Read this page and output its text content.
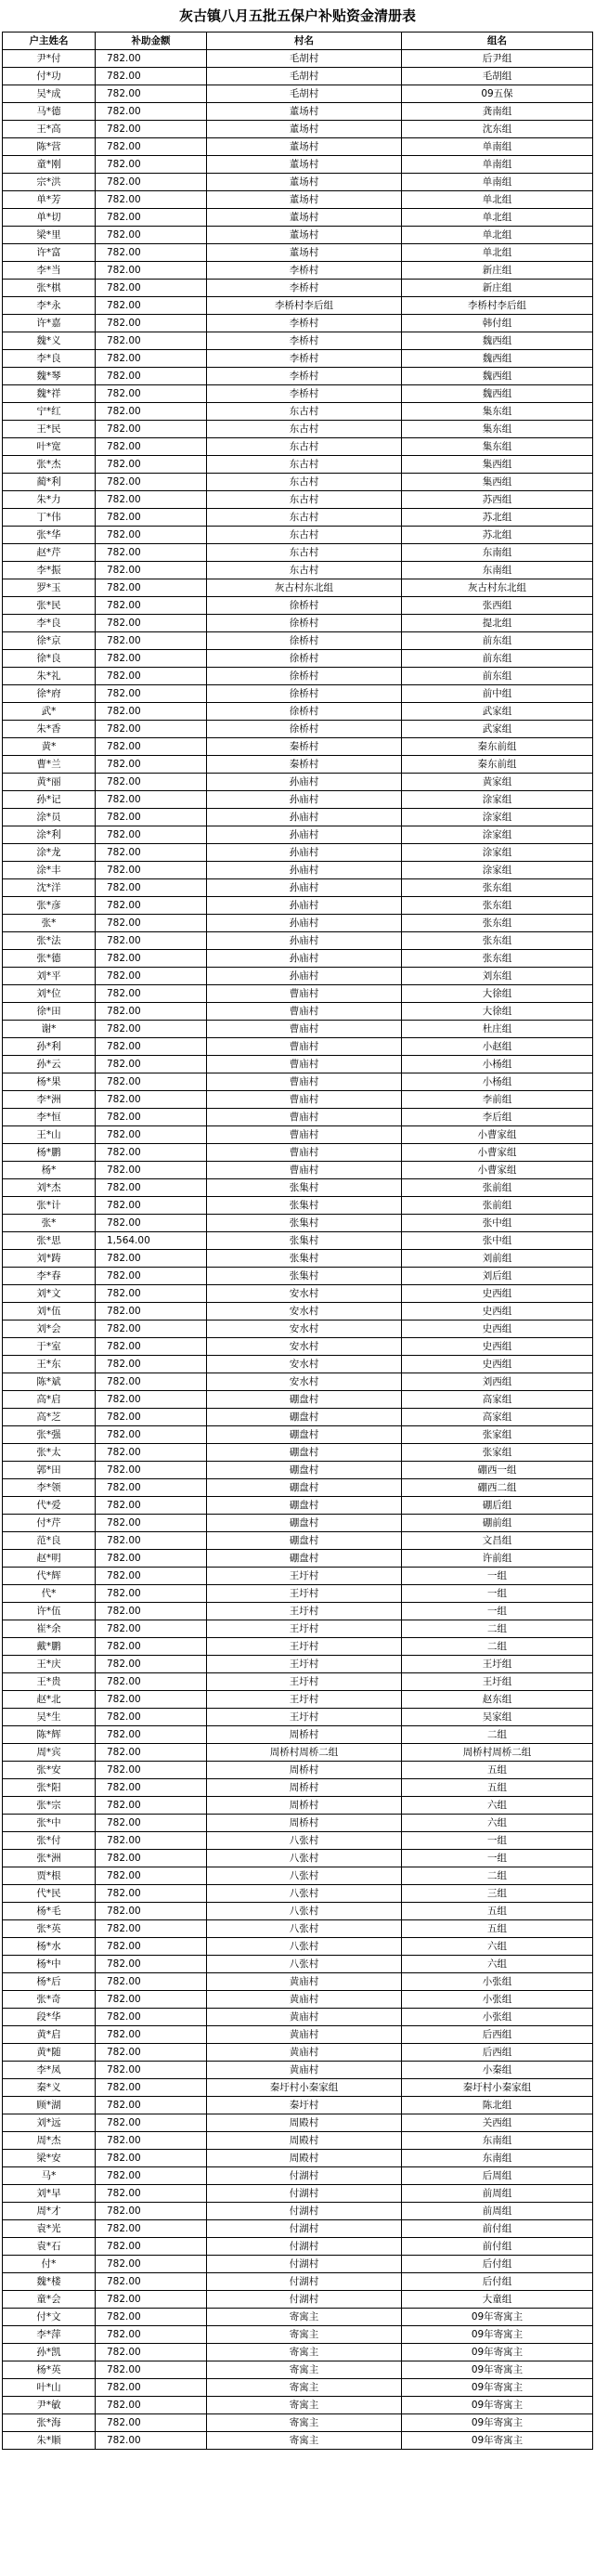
灰古镇八月五批五保户补贴资金清册表
户主姓名	补助金额	村名	组名
尹*付	782.00	毛胡村	后尹组
付*功	782.00	毛胡村	毛胡组
吴*成	782.00	毛胡村	09五保
马*德	782.00	董场村	龚南组
王*高	782.00	董场村	沈东组
陈*营	782.00	董场村	单南组
童*刚	782.00	董场村	单南组
宗*洪	782.00	董场村	单南组
单*芳	782.00	董场村	单北组
单*切	782.00	董场村	单北组
梁*里	782.00	董场村	单北组
许*富	782.00	董场村	单北组
李*当	782.00	李桥村	新庄组
张*棋	782.00	李桥村	新庄组
李*永	782.00	李桥村李后组	李桥村李后组
许*嘉	782.00	李桥村	韩付组
魏*义	782.00	李桥村	魏西组
李*良	782.00	李桥村	魏西组
魏*琴	782.00	李桥村	魏西组
魏*祥	782.00	李桥村	魏西组
宁*红	782.00	东古村	集东组
王*民	782.00	东古村	集东组
叶*宽	782.00	东古村	集东组
张*杰	782.00	东古村	集西组
蔺*利	782.00	东古村	集西组
朱*力	782.00	东古村	苏西组
丁*伟	782.00	东古村	苏北组
张*华	782.00	东古村	苏北组
赵*芹	782.00	东古村	东南组
李*振	782.00	东古村	东南组
罗*玉	782.00	灰古村东北组	灰古村东北组
张*民	782.00	徐桥村	张西组
李*良	782.00	徐桥村	提北组
徐*京	782.00	徐桥村	前东组
徐*良	782.00	徐桥村	前东组
朱*礼	782.00	徐桥村	前东组
徐*府	782.00	徐桥村	前中组
武*	782.00	徐桥村	武家组
朱*香	782.00	徐桥村	武家组
黄*	782.00	秦桥村	秦东前组
曹*兰	782.00	秦桥村	秦东前组
黄*丽	782.00	孙庙村	黄家组
孙*记	782.00	孙庙村	涂家组
涂*员	782.00	孙庙村	涂家组
涂*利	782.00	孙庙村	涂家组
涂*龙	782.00	孙庙村	涂家组
涂*丰	782.00	孙庙村	涂家组
沈*洋	782.00	孙庙村	张东组
张*彦	782.00	孙庙村	张东组
张*	782.00	孙庙村	张东组
张*法	782.00	孙庙村	张东组
张*德	782.00	孙庙村	张东组
刘*平	782.00	孙庙村	刘东组
刘*位	782.00	曹庙村	大徐组
徐*田	782.00	曹庙村	大徐组
谢*	782.00	曹庙村	杜庄组
孙*利	782.00	曹庙村	小赵组
孙*云	782.00	曹庙村	小杨组
杨*果	782.00	曹庙村	小杨组
李*洲	782.00	曹庙村	李前组
李*恒	782.00	曹庙村	李后组
王*山	782.00	曹庙村	小曹家组
杨*鹏	782.00	曹庙村	小曹家组
杨*	782.00	曹庙村	小曹家组
刘*杰	782.00	张集村	张前组
张*计	782.00	张集村	张前组
张*	782.00	张集村	张中组
张*思	1,564.00	张集村	张中组
刘*踌	782.00	张集村	刘前组
李*春	782.00	张集村	刘后组
刘*文	782.00	安水村	史西组
刘*伍	782.00	安水村	史西组
刘*会	782.00	安水村	史西组
于*室	782.00	安水村	史西组
王*东	782.00	安水村	史西组
陈*斌	782.00	安水村	刘西组
高*启	782.00	硼盘村	高家组
高*芝	782.00	硼盘村	高家组
张*强	782.00	硼盘村	张家组
张*太	782.00	硼盘村	张家组
郭*田	782.00	硼盘村	硼西一组
李*领	782.00	硼盘村	硼西二组
代*爱	782.00	硼盘村	硼后组
付*芹	782.00	硼盘村	硼前组
范*良	782.00	硼盘村	文昌组
赵*明	782.00	硼盘村	许前组
代*辉	782.00	王圩村	一组
代*	782.00	王圩村	一组
许*伍	782.00	王圩村	一组
崔*余	782.00	王圩村	二组
戴*鹏	782.00	王圩村	二组
王*庆	782.00	王圩村	王圩组
王*贵	782.00	王圩村	王圩组
赵*北	782.00	王圩村	赵东组
吴*生	782.00	王圩村	吴家组
陈*辉	782.00	周桥村	二组
周*宾	782.00	周桥村周桥二组	周桥村周桥二组
张*安	782.00	周桥村	五组
张*阳	782.00	周桥村	五组
张*宗	782.00	周桥村	六组
张*中	782.00	周桥村	六组
张*付	782.00	八张村	一组
张*洲	782.00	八张村	一组
贾*根	782.00	八张村	二组
代*民	782.00	八张村	三组
杨*毛	782.00	八张村	五组
张*英	782.00	八张村	五组
杨*水	782.00	八张村	六组
杨*中	782.00	八张村	六组
杨*后	782.00	黄庙村	小张组
张*奇	782.00	黄庙村	小张组
段*华	782.00	黄庙村	小张组
黄*启	782.00	黄庙村	后西组
黄*随	782.00	黄庙村	后西组
李*凤	782.00	黄庙村	小秦组
秦*义	782.00	秦圩村小秦家组	秦圩村小秦家组
顾*湖	782.00	秦圩村	陈北组
刘*远	782.00	周殿村	关西组
周*杰	782.00	周殿村	东南组
梁*安	782.00	周殿村	东南组
马*	782.00	付湖村	后周组
刘*早	782.00	付湖村	前周组
周*才	782.00	付湖村	前周组
袁*光	782.00	付湖村	前付组
袁*石	782.00	付湖村	前付组
付*	782.00	付湖村	后付组
魏*楼	782.00	付湖村	后付组
童*会	782.00	付湖村	大童组
付*文	782.00	寄寓主	09年寄寓主
李*萍	782.00	寄寓主	09年寄寓主
孙*凯	782.00	寄寓主	09年寄寓主
杨*英	782.00	寄寓主	09年寄寓主
叶*山	782.00	寄寓主	09年寄寓主
尹*敏	782.00	寄寓主	09年寄寓主
张*海	782.00	寄寓主	09年寄寓主
朱*顺	782.00	寄寓主	09年寄寓主
